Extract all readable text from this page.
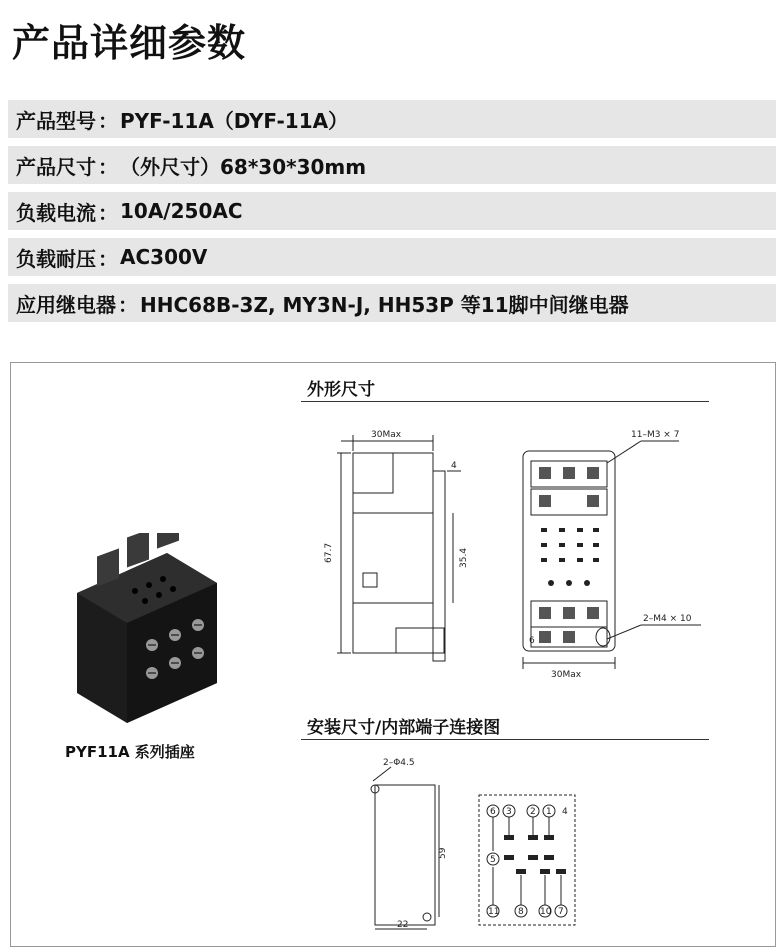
产品详细参数
产品型号 ： PYF-11A（DYF-11A）
产品尺寸 ： （外尺寸）68*30*30mm
负载电流 ： 10A/250AC
负载耐压 ： AC300V
应用继电器 ： HHC68B-3Z, MY3N-J, HH53P 等11脚中间继电器
PYF11A 系列插座
外形尺寸
30Max
67.7	35.4
4
11–M3 × 7
2–M4 × 10
6
30Max
安装尺寸/内部端子连接图
2–Φ4.5
59
22
6 3 2 1 4
5
11 8 10 7
